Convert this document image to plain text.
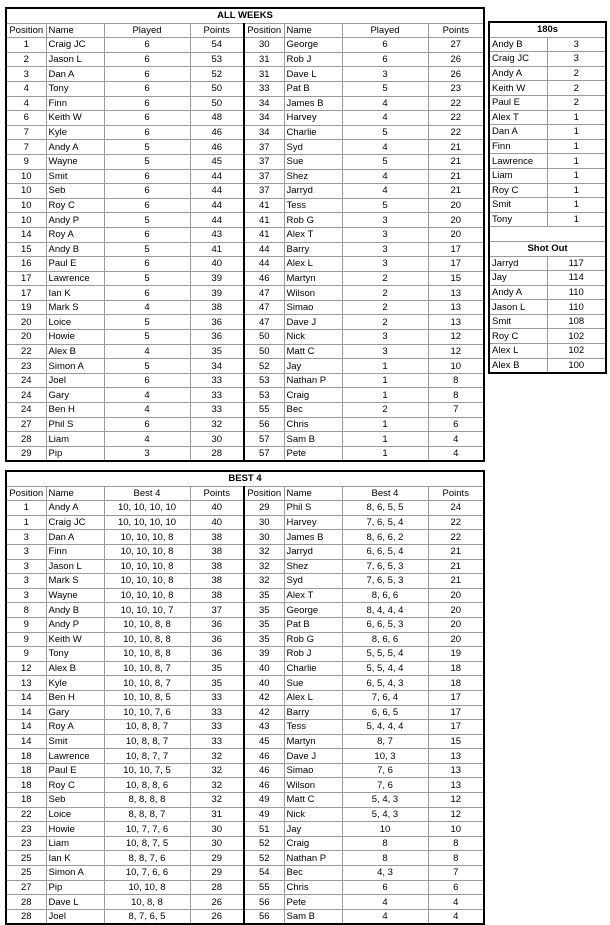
ALL WEEKS							
Position	Name	Played	Points	Position	Name	Played	Points
1	Craig JC	6	54	30	George	6	27
2	Jason L	6	53	31	Rob J	6	26
3	Dan A	6	52	31	Dave L	3	26
4	Tony	6	50	33	Pat B	5	23
4	Finn	6	50	34	James B	4	22
6	Keith W	6	48	34	Harvey	4	22
7	Kyle	6	46	34	Charlie	5	22
7	Andy A	5	46	37	Syd	4	21
9	Wayne	5	45	37	Sue	5	21
10	Smit	6	44	37	Shez	4	21
10	Seb	6	44	37	Jarryd	4	21
10	Roy C	6	44	41	Tess	5	20
10	Andy P	5	44	41	Rob G	3	20
14	Roy A	6	43	41	Alex T	3	20
15	Andy B	5	41	44	Barry	3	17
16	Paul E	6	40	44	Alex L	3	17
17	Lawrence	5	39	46	Martyn	2	15
17	Ian K	6	39	47	Wilson	2	13
19	Mark S	4	38	47	Simao	2	13
20	Loice	5	36	47	Dave J	2	13
20	Howie	5	36	50	Nick	3	12
22	Alex B	4	35	50	Matt C	3	12
23	Simon A	5	34	52	Jay	1	10
24	Joel	6	33	53	Nathan P	1	8
24	Gary	4	33	53	Craig	1	8
24	Ben H	4	33	55	Bec	2	7
27	Phil S	6	32	56	Chris	1	6
28	Liam	4	30	57	Sam B	1	4
29	Pip	3	28	57	Pete	1	4
BEST 4							
Position	Name	Best 4	Points	Position	Name	Best 4	Points
1	Andy A	10, 10, 10, 10	40	29	Phil S	8, 6, 5, 5	24
1	Craig JC	10, 10, 10, 10	40	30	Harvey	7, 6, 5, 4	22
3	Dan A	10, 10, 10, 8	38	30	James B	8, 6, 6, 2	22
3	Finn	10, 10, 10, 8	38	32	Jarryd	6, 6, 5, 4	21
3	Jason L	10, 10, 10, 8	38	32	Shez	7, 6, 5, 3	21
3	Mark S	10, 10, 10, 8	38	32	Syd	7, 6, 5, 3	21
3	Wayne	10, 10, 10, 8	38	35	Alex T	8, 6, 6	20
8	Andy B	10, 10, 10, 7	37	35	George	8, 4, 4, 4	20
9	Andy P	10, 10, 8, 8	36	35	Pat B	6, 6, 5, 3	20
9	Keith W	10, 10, 8, 8	36	35	Rob G	8, 6, 6	20
9	Tony	10, 10, 8, 8	36	39	Rob J	5, 5, 5, 4	19
12	Alex B	10, 10, 8, 7	35	40	Charlie	5, 5, 4, 4	18
13	Kyle	10, 10, 8, 7	35	40	Sue	6, 5, 4, 3	18
14	Ben H	10, 10, 8, 5	33	42	Alex L	7, 6, 4	17
14	Gary	10, 10, 7, 6	33	42	Barry	6, 6, 5	17
14	Roy A	10, 8, 8, 7	33	43	Tess	5, 4, 4, 4	17
14	Smit	10, 8, 8, 7	33	45	Martyn	8, 7	15
18	Lawrence	10, 8, 7, 7	32	46	Dave J	10, 3	13
18	Paul E	10, 10, 7, 5	32	46	Simao	7, 6	13
18	Roy C	10, 8, 8, 6	32	46	Wilson	7, 6	13
18	Seb	8, 8, 8, 8	32	49	Matt C	5, 4, 3	12
22	Loice	8, 8, 8, 7	31	49	Nick	5, 4, 3	12
23	Howie	10, 7, 7, 6	30	51	Jay	10	10
23	Liam	10, 8, 7, 5	30	52	Craig	8	8
25	Ian K	8, 8, 7, 6	29	52	Nathan P	8	8
25	Simon A	10, 7, 6, 6	29	54	Bec	4, 3	7
27	Pip	10, 10, 8	28	55	Chris	6	6
28	Dave L	10, 8, 8	26	56	Pete	4	4
28	Joel	8, 7, 6, 5	26	56	Sam B	4	4
180s	
Andy B	3
Craig JC	3
Andy A	2
Keith W	2
Paul E	2
Alex T	1
Dan A	1
Finn	1
Lawrence	1
Liam	1
Roy C	1
Smit	1
Tony	1

Shot Out	
Jarryd	117
Jay	114
Andy A	110
Jason L	110
Smit	108
Roy C	102
Alex L	102
Alex B	100
